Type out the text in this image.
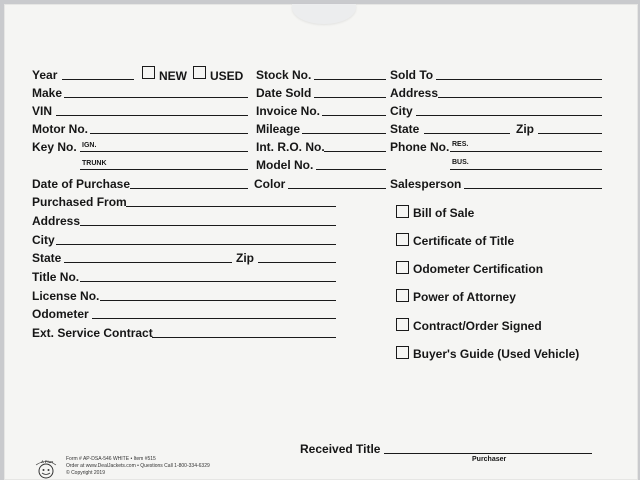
Year	NEW USED
Make
VIN
Motor No.
Key No. IGN.
TRUNK
Date of Purchase
Purchased From
Address
City
State	Zip
Title No.
License No.
Odometer
Ext. Service Contract
Stock No.
Date Sold
Invoice No.
Mileage
Int. R.O. No.
Model No.
Color
Sold To
Address
City
State	Zip
Phone No. RES.
BUS.
Salesperson
Bill of Sale
Certificate of Title
Odometer Certification
Power of Attorney
Contract/Order Signed
Buyer's Guide (Used Vehicle)
Received Title
Purchaser
A Plus	Form # AP-DSA-546 WHITE • Item #515
Order at www.DealJackets.com • Questions Call 1-800-334-6329
© Copyright 2019
